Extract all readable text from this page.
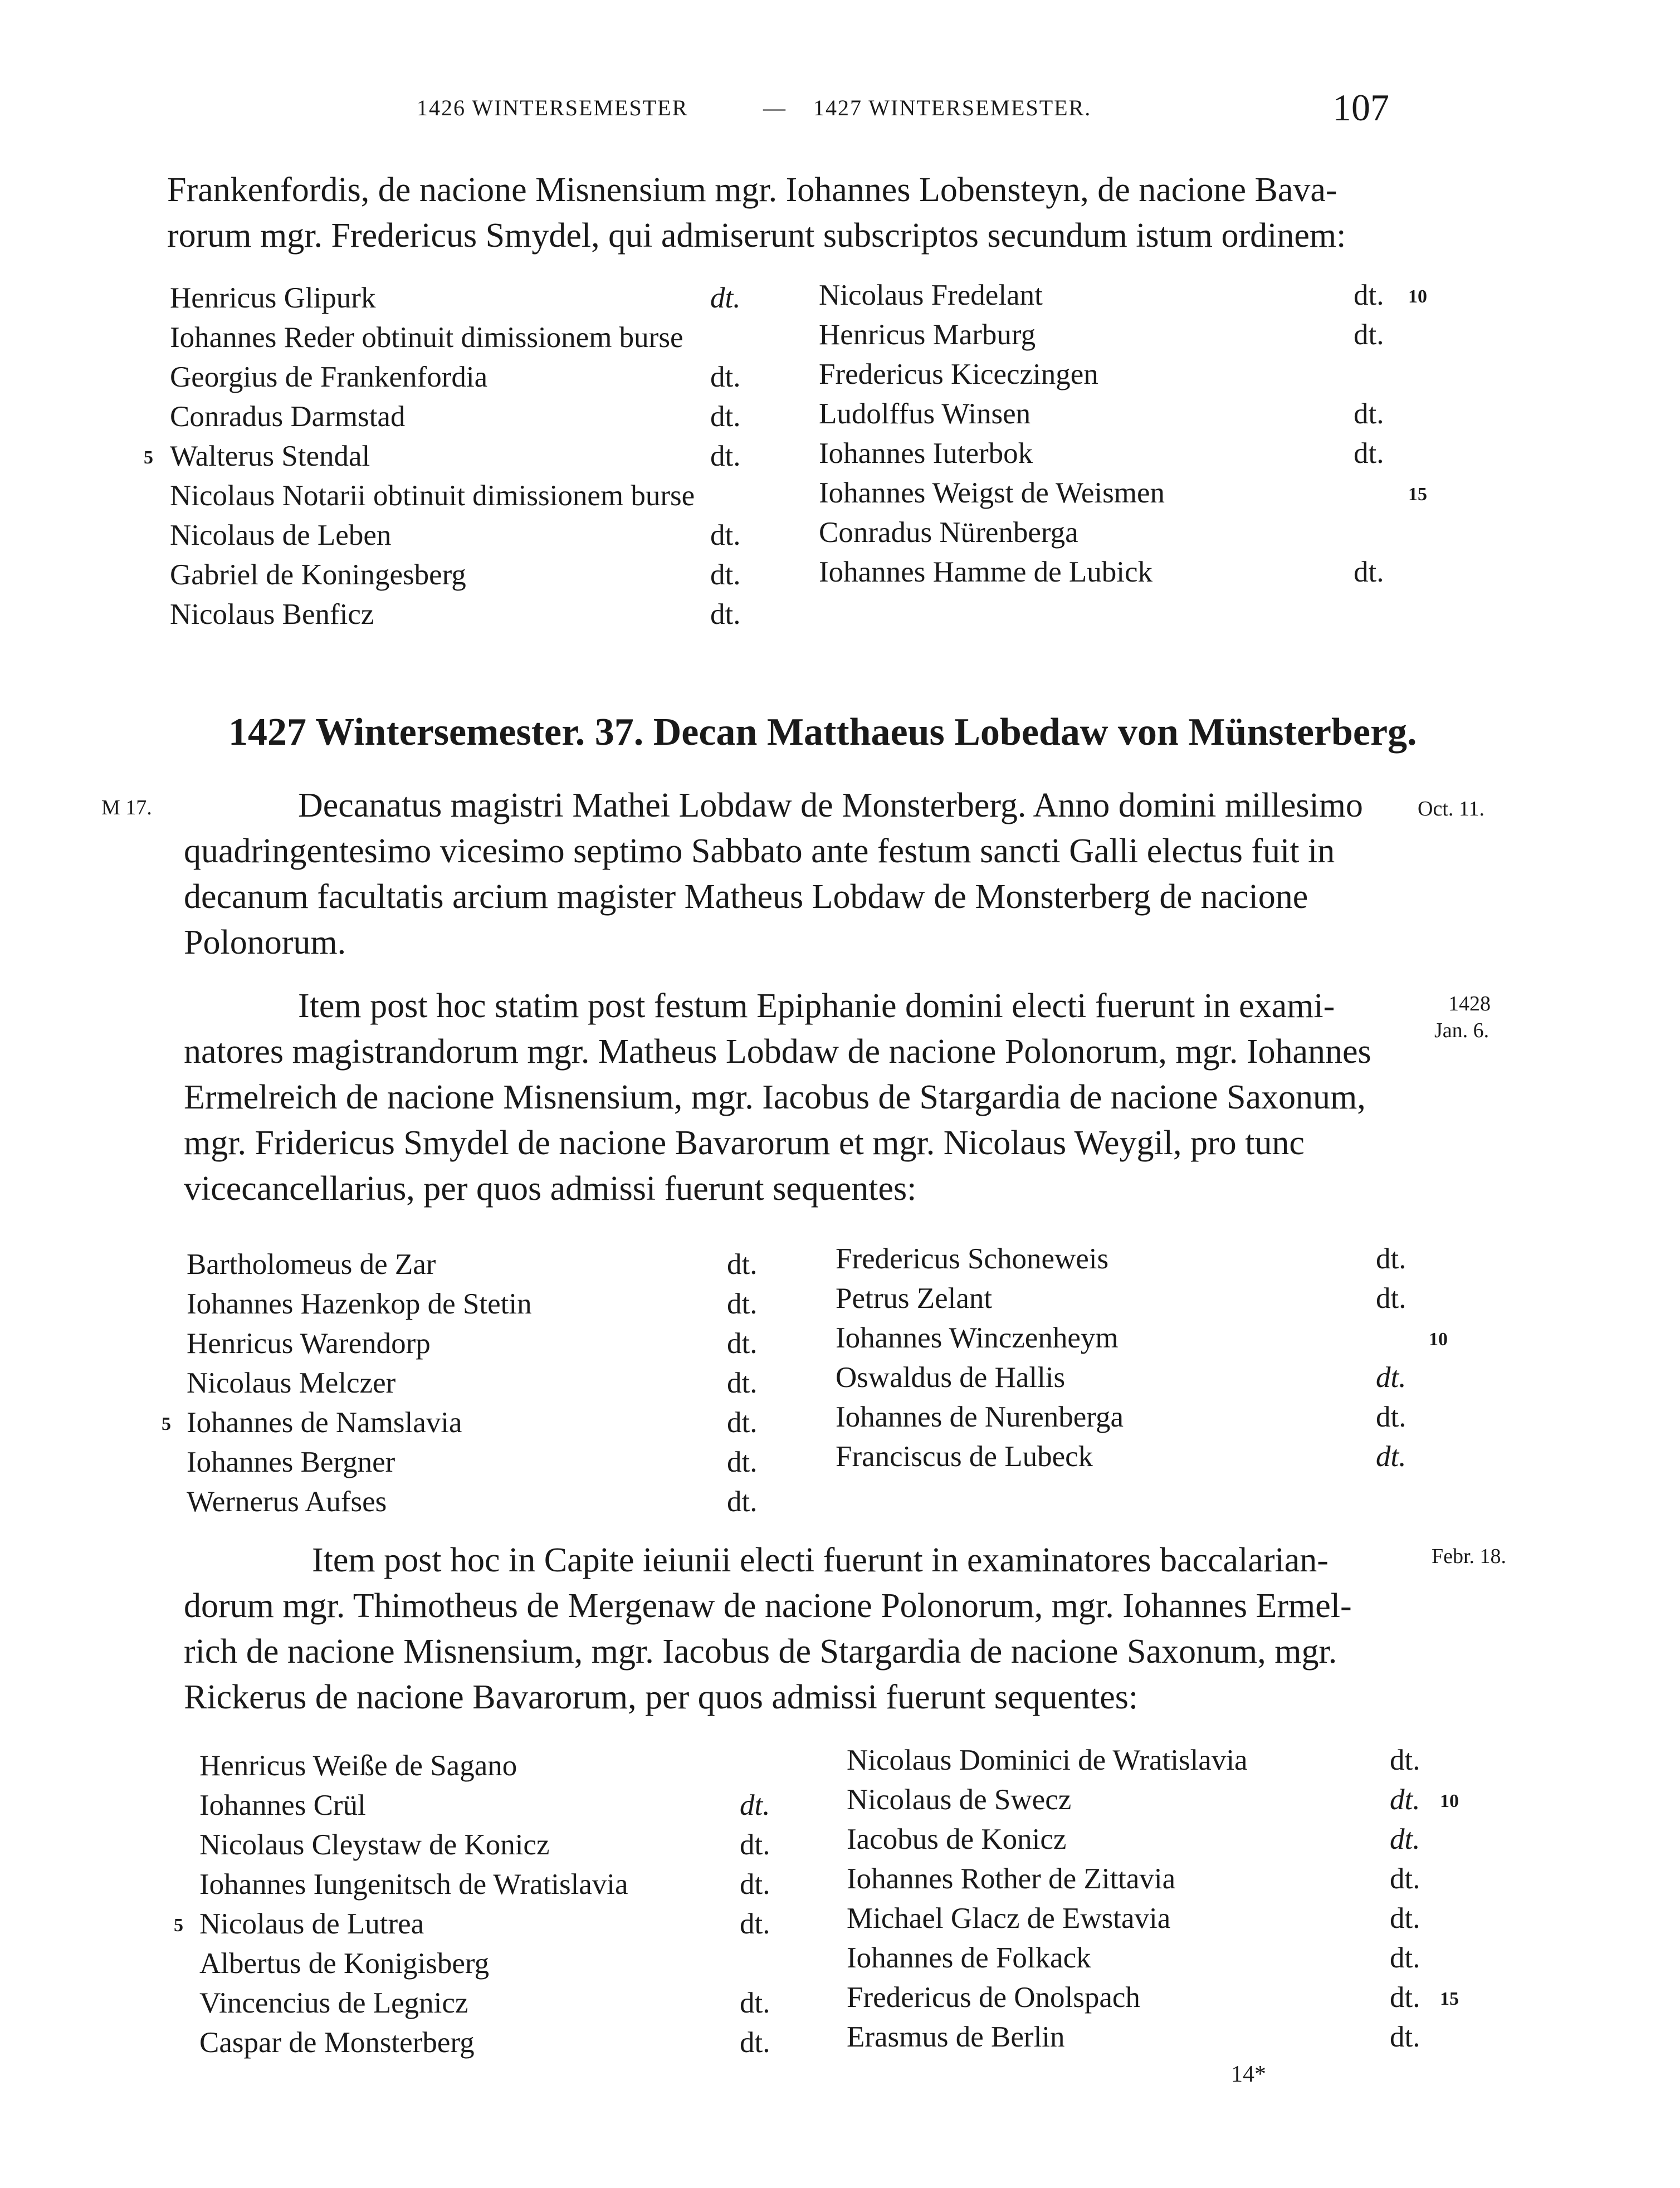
1426 WINTERSEMESTER	— 1427 WINTERSEMESTER.	107
Frankenfordis, de nacione Misnensium mgr. Iohannes Lobensteyn, de nacione Bava-
rorum mgr. Fredericus Smydel, qui admiserunt subscriptos secundum istum ordinem:
Henricus Glipurk	dt.
Iohannes Reder obtinuit dimissionem burse
Georgius de Frankenfordia	dt.
Conradus Darmstad	dt.
Walterus Stendal	dt.
5
Nicolaus Notarii obtinuit dimissionem burse
Nicolaus de Leben	dt.
Gabriel de Koningesberg	dt.
Nicolaus Benficz	dt.
Nicolaus Fredelant	dt. 10
Henricus Marburg	dt.
Fredericus Kiceczingen
Ludolffus Winsen	dt.
Iohannes Iuterbok	dt.
Iohannes Weigst de Weismen	15
Conradus Nürenberga
Iohannes Hamme de Lubick	dt.
1427 Wintersemester. 37. Decan Matthaeus Lobedaw von Münsterberg.
M 17.	Decanatus magistri Mathei Lobdaw de Monsterberg. Anno domini millesimo
quadringentesimo vicesimo septimo Sabbato ante festum sancti Galli electus fuit in
decanum facultatis arcium magister Matheus Lobdaw de Monsterberg de nacione
Polonorum.
Oct. 11.
Item post hoc statim post festum Epiphanie domini electi fuerunt in exami-
natores magistrandorum mgr. Matheus Lobdaw de nacione Polonorum, mgr. Iohannes
Ermelreich de nacione Misnensium, mgr. Iacobus de Stargardia de nacione Saxonum,
mgr. Fridericus Smydel de nacione Bavarorum et mgr. Nicolaus Weygil, pro tunc
vicecancellarius, per quos admissi fuerunt sequentes:
1428
Jan. 6.
Bartholomeus de Zar	dt.
Iohannes Hazenkop de Stetin	dt.
Henricus Warendorp	dt.
Nicolaus Melczer	dt.
Iohannes de Namslavia	dt.
5
Iohannes Bergner	dt.
Wernerus Aufses	dt.
Fredericus Schoneweis	dt.
Petrus Zelant	dt.
Iohannes Winczenheym	10
Oswaldus de Hallis	dt.
Iohannes de Nurenberga	dt.
Franciscus de Lubeck	dt.
Item post hoc in Capite ieiunii electi fuerunt in examinatores baccalarian-
dorum mgr. Thimotheus de Mergenaw de nacione Polonorum, mgr. Iohannes Ermel-
rich de nacione Misnensium, mgr. Iacobus de Stargardia de nacione Saxonum, mgr.
Rickerus de nacione Bavarorum, per quos admissi fuerunt sequentes:
Febr. 18.
Henricus Weiße de Sagano
Iohannes Crül	dt.
Nicolaus Cleystaw de Konicz	dt.
Iohannes Iungenitsch de Wratislavia	dt.
Nicolaus de Lutrea	dt.
5
Albertus de Konigisberg
Vincencius de Legnicz	dt.
Caspar de Monsterberg	dt.
Nicolaus Dominici de Wratislavia	dt.
Nicolaus de Swecz	dt. 10
Iacobus de Konicz	dt.
Iohannes Rother de Zittavia	dt.
Michael Glacz de Ewstavia	dt.
Iohannes de Folkack	dt.
Fredericus de Onolspach	dt. 15
Erasmus de Berlin	dt.
14*
